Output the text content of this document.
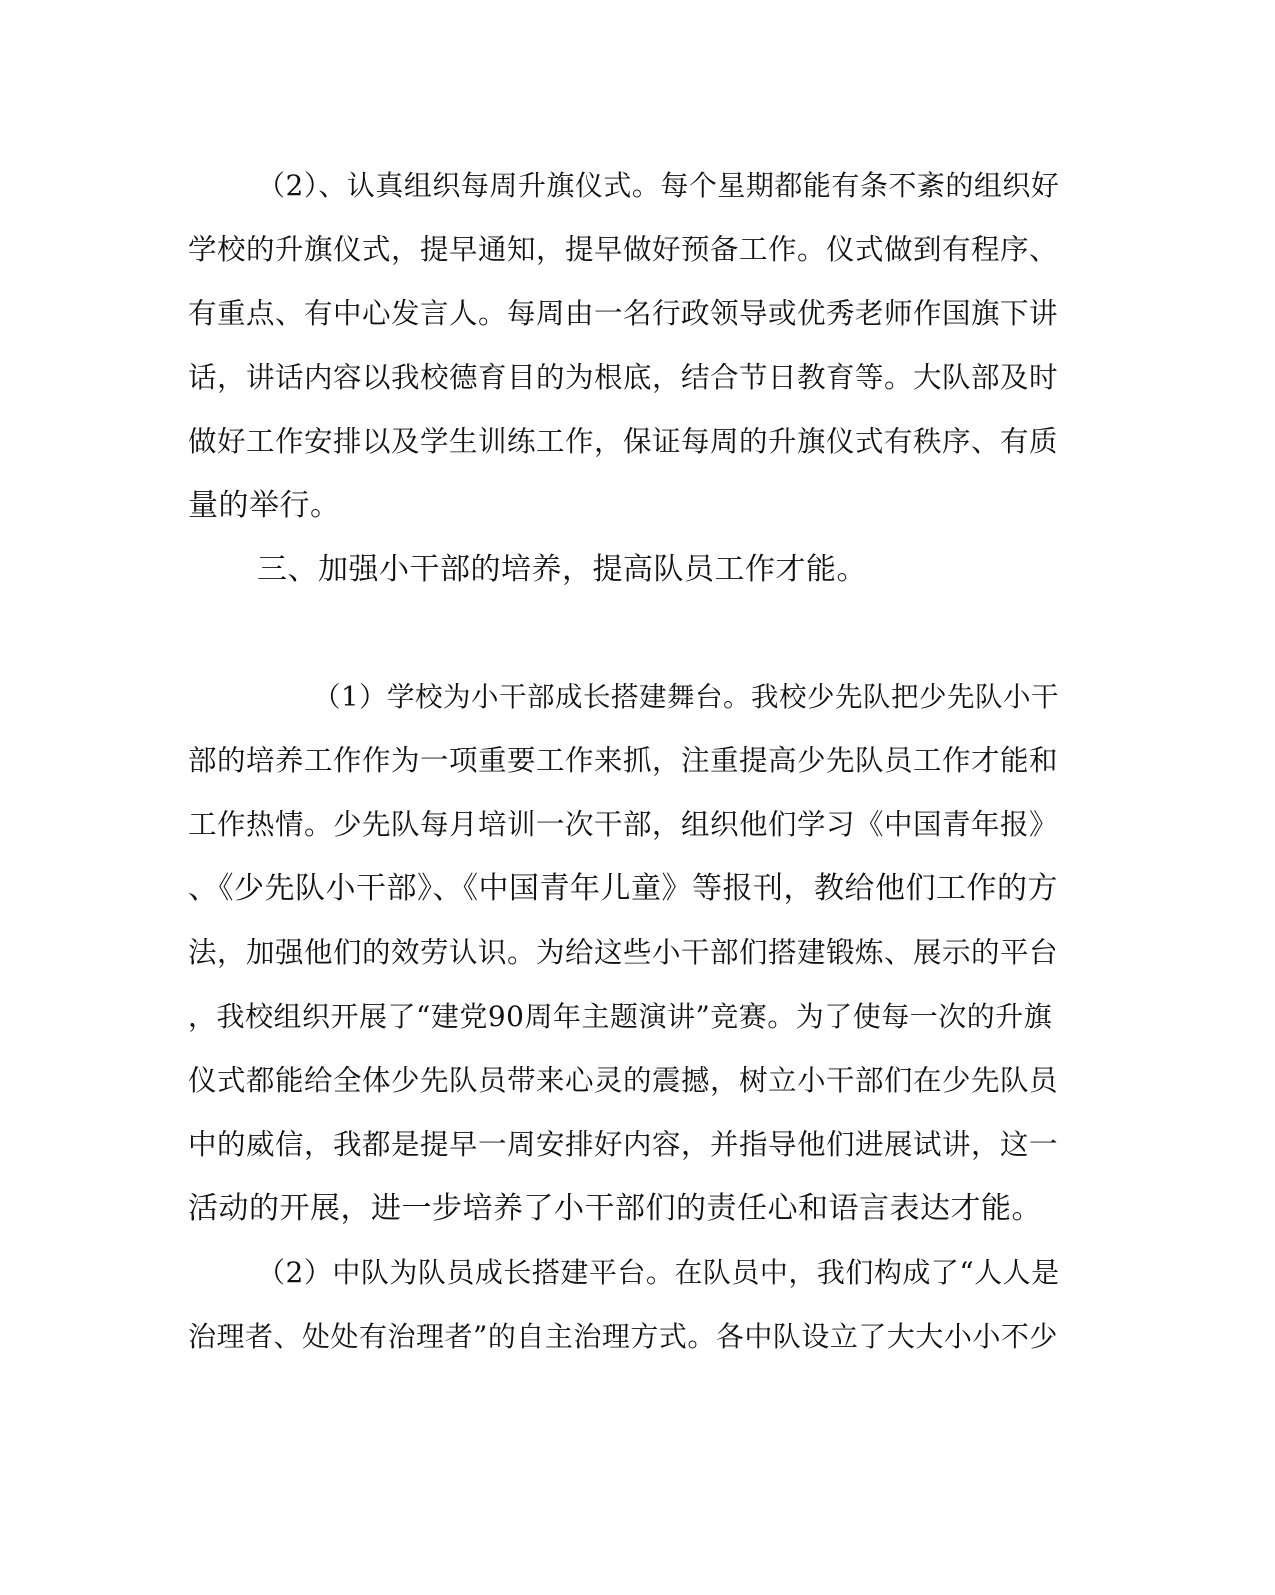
（2）、认真组织每周升旗仪式。每个星期都能有条不紊的组织好
学校的升旗仪式，提早通知，提早做好预备工作。仪式做到有程序、
有重点、有中心发言人。每周由一名行政领导或优秀老师作国旗下讲
话，讲话内容以我校德育目的为根底，结合节日教育等。大队部及时
做好工作安排以及学生训练工作，保证每周的升旗仪式有秩序、有质
量的举行。
三、加强小干部的培养，提高队员工作才能。
（1）学校为小干部成长搭建舞台。我校少先队把少先队小干
部的培养工作作为一项重要工作来抓，注重提高少先队员工作才能和
工作热情。少先队每月培训一次干部，组织他们学习《中国青年报》
、《少先队小干部》、《中国青年儿童》等报刊，教给他们工作的方
法，加强他们的效劳认识。为给这些小干部们搭建锻炼、展示的平台
，我校组织开展了“建党90周年主题演讲”竞赛。为了使每一次的升旗
仪式都能给全体少先队员带来心灵的震撼，树立小干部们在少先队员
中的威信，我都是提早一周安排好内容，并指导他们进展试讲，这一
活动的开展，进一步培养了小干部们的责任心和语言表达才能。
（2）中队为队员成长搭建平台。在队员中，我们构成了“人人是
治理者、处处有治理者”的自主治理方式。各中队设立了大大小小不少
